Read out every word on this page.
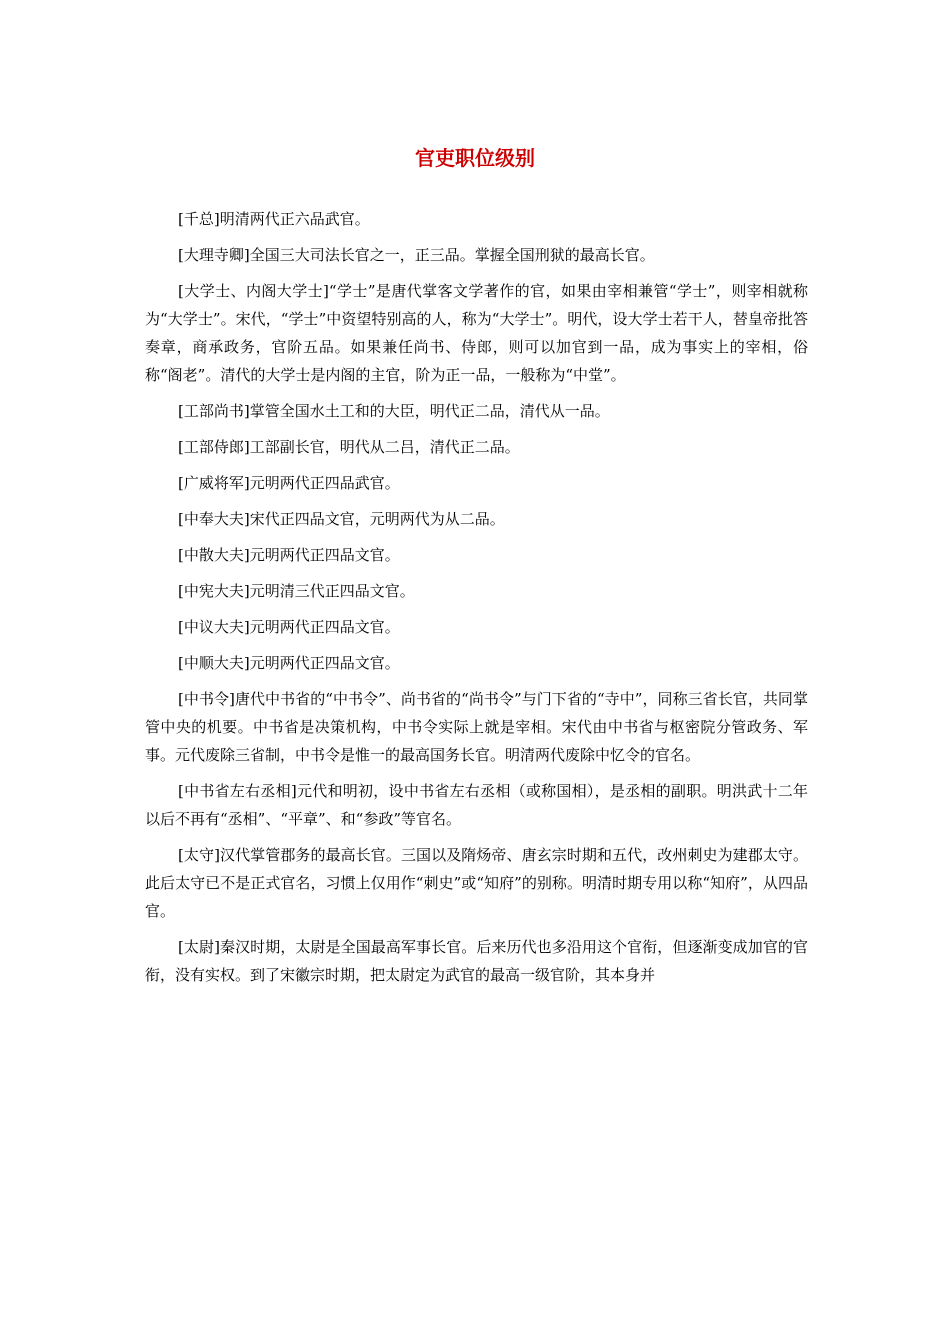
官吏职位级别

[千总]明清两代正六品武官。

[大理寺卿]全国三大司法长官之一，正三品。掌握全国刑狱的最高长官。

[大学士、内阁大学士]“学士”是唐代掌客文学著作的官，如果由宰相兼管“学士”，则宰相就称为“大学士”。宋代，“学士”中资望特别高的人，称为“大学士”。明代，设大学士若干人，替皇帝批答奏章，商承政务，官阶五品。如果兼任尚书、侍郎，则可以加官到一品，成为事实上的宰相，俗称“阁老”。清代的大学士是内阁的主官，阶为正一品，一般称为“中堂”。

[工部尚书]掌管全国水土工和的大臣，明代正二品，清代从一品。

[工部侍郎]工部副长官，明代从二吕，清代正二品。

[广威将军]元明两代正四品武官。

[中奉大夫]宋代正四品文官，元明两代为从二品。

[中散大夫]元明两代正四品文官。

[中宪大夫]元明清三代正四品文官。

[中议大夫]元明两代正四品文官。

[中顺大夫]元明两代正四品文官。

[中书令]唐代中书省的“中书令”、尚书省的“尚书令”与门下省的“寺中”，同称三省长官，共同掌管中央的机要。中书省是决策机构，中书令实际上就是宰相。宋代由中书省与枢密院分管政务、军事。元代废除三省制，中书令是惟一的最高国务长官。明清两代废除中忆令的官名。

[中书省左右丞相]元代和明初，设中书省左右丞相（或称国相），是丞相的副职。明洪武十二年以后不再有“丞相”、“平章”、和“参政”等官名。

[太守]汉代掌管郡务的最高长官。三国以及隋炀帝、唐玄宗时期和五代，改州刺史为建郡太守。此后太守已不是正式官名，习惯上仅用作“刺史”或“知府”的别称。明清时期专用以称“知府”，从四品官。

[太尉]秦汉时期，太尉是全国最高军事长官。后来历代也多沿用这个官衔，但逐渐变成加官的官衔，没有实权。到了宋徽宗时期，把太尉定为武官的最高一级官阶，其本身并
